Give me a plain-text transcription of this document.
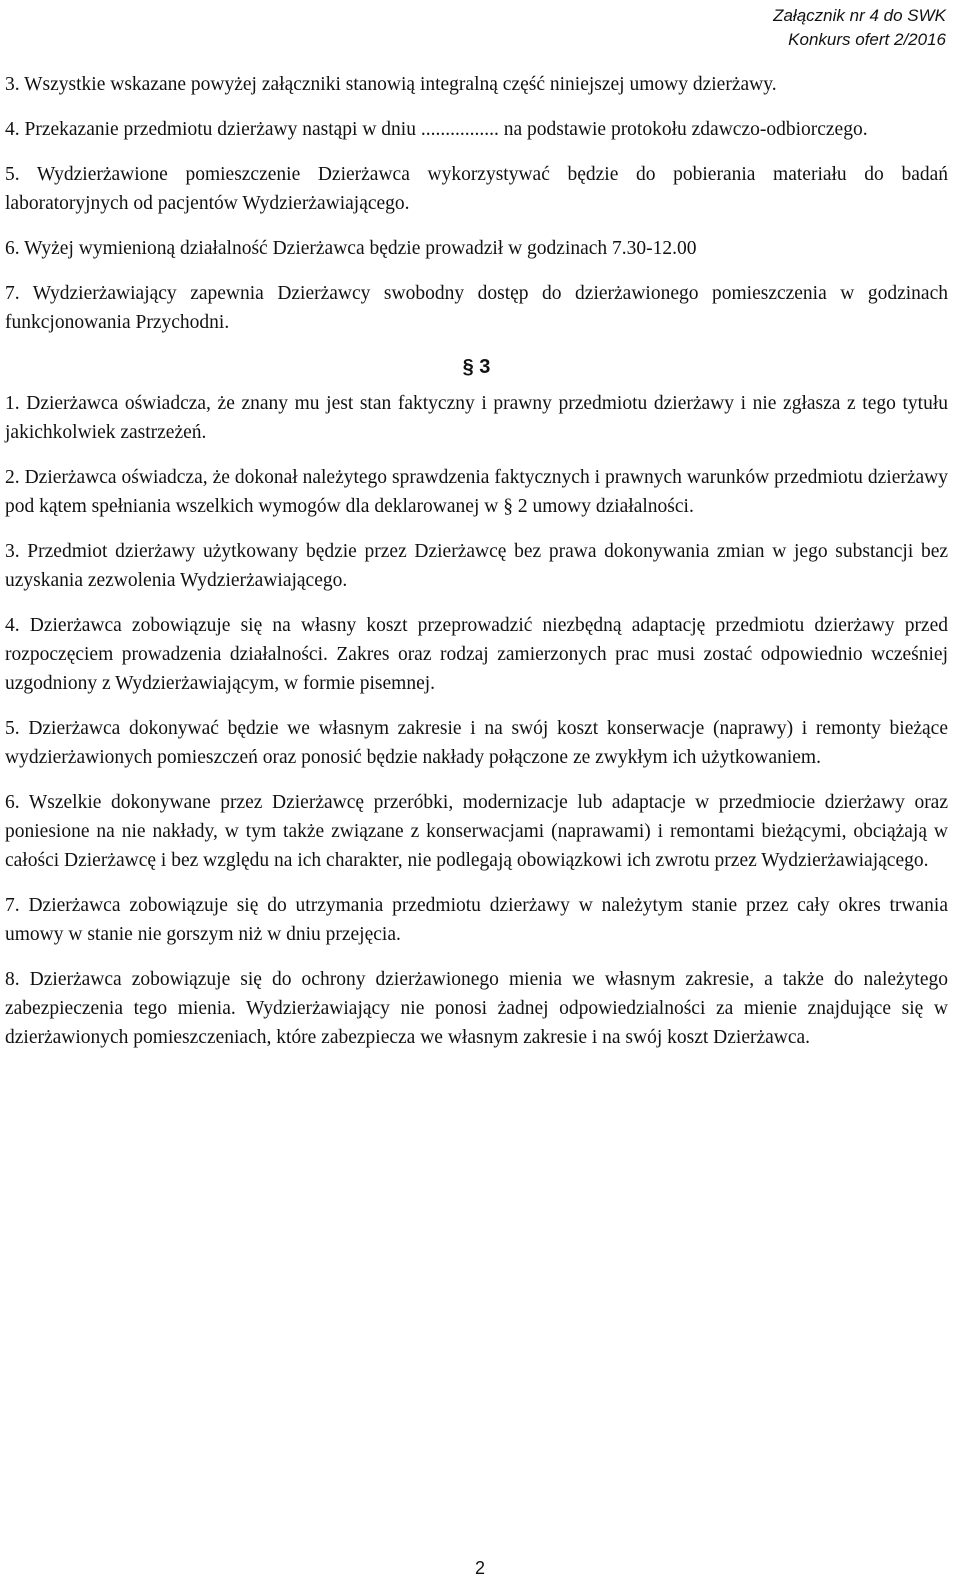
Załącznik nr 4 do SWK
Konkurs ofert 2/2016

3. Wszystkie wskazane powyżej załączniki stanowią integralną część niniejszej umowy dzierżawy.

4. Przekazanie przedmiotu dzierżawy nastąpi w dniu ................ na podstawie protokołu zdawczo-odbiorczego.

5. Wydzierżawione pomieszczenie Dzierżawca wykorzystywać będzie do pobierania materiału do badań laboratoryjnych od pacjentów Wydzierżawiającego.

6. Wyżej wymienioną działalność Dzierżawca będzie prowadził w godzinach 7.30-12.00

7. Wydzierżawiający zapewnia Dzierżawcy swobodny dostęp do dzierżawionego pomieszczenia w godzinach funkcjonowania Przychodni.

§ 3

1. Dzierżawca oświadcza, że znany mu jest stan faktyczny i prawny przedmiotu dzierżawy i nie zgłasza z tego tytułu jakichkolwiek zastrzeżeń.

2. Dzierżawca oświadcza, że dokonał należytego sprawdzenia faktycznych i prawnych warunków przedmiotu dzierżawy pod kątem spełniania wszelkich wymogów dla deklarowanej w § 2 umowy działalności.

3. Przedmiot dzierżawy użytkowany będzie przez Dzierżawcę bez prawa dokonywania zmian w jego substancji bez uzyskania zezwolenia Wydzierżawiającego.

4. Dzierżawca zobowiązuje się na własny koszt przeprowadzić niezbędną adaptację przedmiotu dzierżawy przed rozpoczęciem prowadzenia działalności. Zakres oraz rodzaj zamierzonych prac musi zostać odpowiednio wcześniej uzgodniony z Wydzierżawiającym, w formie pisemnej.

5. Dzierżawca dokonywać będzie we własnym zakresie i na swój koszt konserwacje (naprawy) i remonty bieżące wydzierżawionych pomieszczeń oraz ponosić będzie nakłady połączone ze zwykłym ich użytkowaniem.

6. Wszelkie dokonywane przez Dzierżawcę przeróbki, modernizacje lub adaptacje w przedmiocie dzierżawy oraz poniesione na nie nakłady, w tym także związane z konserwacjami (naprawami) i remontami bieżącymi, obciążają w całości Dzierżawcę i bez względu na ich charakter, nie podlegają obowiązkowi ich zwrotu przez Wydzierżawiającego.

7. Dzierżawca zobowiązuje się do utrzymania przedmiotu dzierżawy w należytym stanie przez cały okres trwania umowy w stanie nie gorszym niż w dniu przejęcia.

8. Dzierżawca zobowiązuje się do ochrony dzierżawionego mienia we własnym zakresie, a także do należytego zabezpieczenia tego mienia. Wydzierżawiający nie ponosi żadnej odpowiedzialności za mienie znajdujące się w dzierżawionych pomieszczeniach, które zabezpiecza we własnym zakresie i na swój koszt Dzierżawca.

2
